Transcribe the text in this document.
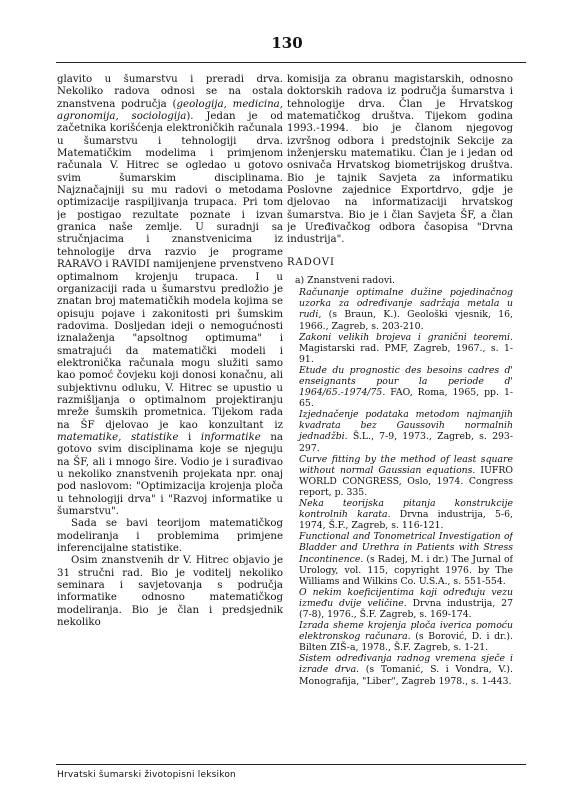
130

glavito u šumarstvu i preradi drva. Nekoliko radova odnosi se na ostala znanstvena područja (geologija, medicina, agronomija, sociologija). Jedan je od začetnika korišćenja elektroničkih računala u šumarstvu i tehnologiji drva. Matematičkim modelima i primjenom računala V. Hitrec se ogledao u gotovo svim šumarskim disciplinama. Najznačajniji su mu radovi o metodama optimizacije raspiljivanja trupaca. Pri tom je postigao rezultate poznate i izvan granica naše zemlje. U suradnji sa stručnjacima i znanstvenicima iz tehnologije drva razvio je programe RARAVO i RAVIDI namijenjene prvenstveno optimalnom krojenju trupaca. I u organizaciji rada u šumarstvu predložio je znatan broj matematičkih modela kojima se opisuju pojave i zakonitosti pri šumskim radovima. Dosljedan ideji o nemogućnosti iznalaženja "apsoltnog optimuma" i smatrajući da matematički modeli i elektronička računala mogu služiti samo kao pomoć čovjeku koji donosi konačnu, ali subjektivnu odluku, V. Hitrec se upustio u razmišljanja o optimalnom projektiranju mreže šumskih prometnica. Tijekom rada na ŠF djelovao je kao konzultant iz matematike, statistike i informatike na gotovo svim disciplinama koje se njeguju na ŠF, ali i mnogo šire. Vodio je i surađivao u nekoliko znanstvenih projekata npr. onaj pod naslovom: "Optimizacija krojenja ploča u tehnologiji drva" i "Razvoj informatike u šumarstvu".

Sada se bavi teorijom matematičkog modeliranja i problemima primjene inferencijalne statistike.

Osim znanstvenih dr V. Hitrec objavio je 31 stručni rad. Bio je voditelj nekoliko seminara i savjetovanja s područja informatike odnosno matematičkog modeliranja. Bio je član i predsjednik nekoliko

komisija za obranu magistarskih, odnosno doktorskih radova iz područja šumarstva i tehnologije drva. Član je Hrvatskog matematičkog društva. Tijekom godina 1993.-1994. bio je članom njegovog izvršnog odbora i predstojnik Sekcije za inženjersku matematiku. Član je i jedan od osnivača Hrvatskog biometrijskog društva. Bio je tajnik Savjeta za informatiku Poslovne zajednice Exportdrvo, gdje je djelovao na informatizaciji hrvatskog šumarstva. Bio je i član Savjeta ŠF, a član je Uređivačkog odbora časopisa "Drvna industrija".

RADOVI

a) Znanstveni radovi.

Računanje optimalne dužine pojedinačnog uzorka za određivanje sadržaja metala u rudi, (s Braun, K.). Geološki vjesnik, 16, 1966., Zagreb, s. 203-210.

Zakoni velikih brojeva i granični teoremi. Magistarski rad. PMF, Zagreb, 1967., s. 1-91.

Etude du prognostic des besoins cadres d' enseignants pour la periode d' 1964/65.-1974/75. FAO, Roma, 1965, pp. 1-65.

Izjednačenje podataka metodom najmanjih kvadrata bez Gaussovih normalnih jednadžbi. Š.L., 7-9, 1973., Zagreb, s. 293-297.

Curve fitting by the method of least square without normal Gaussian equations. IUFRO WORLD CONGRESS, Oslo, 1974. Congress report, p. 335.

Neka teorijska pitanja konstrukcije kontrolnih karata. Drvna industrija, 5-6, 1974, Š.F., Zagreb, s. 116-121.

Functional and Tonometrical Investigation of Bladder and Urethra in Patients with Stress Incontinence. (s Radej, M. i dr.) The Jurnal of Urology, vol. 115, copyright 1976. by The Williams and Wilkins Co. U.S.A., s. 551-554.

O nekim koeficijentima koji određuju vezu između dvije veličine. Drvna industrija, 27 (7-8), 1976., Š.F. Zagreb, s. 169-174.

Izrada sheme krojenja ploča iverica pomoću elektronskog računara. (s Borović, D. i dr.). Bilten ZIŠ-a, 1978., Š.F. Zagreb, s. 1-21.

Sistem određivanja radnog vremena sječe i izrade drva. (s Tomanić, S. i Vondra, V.). Monografija, "Liber", Zagreb 1978., s. 1-443.

Hrvatski šumarski životopisni leksikon
